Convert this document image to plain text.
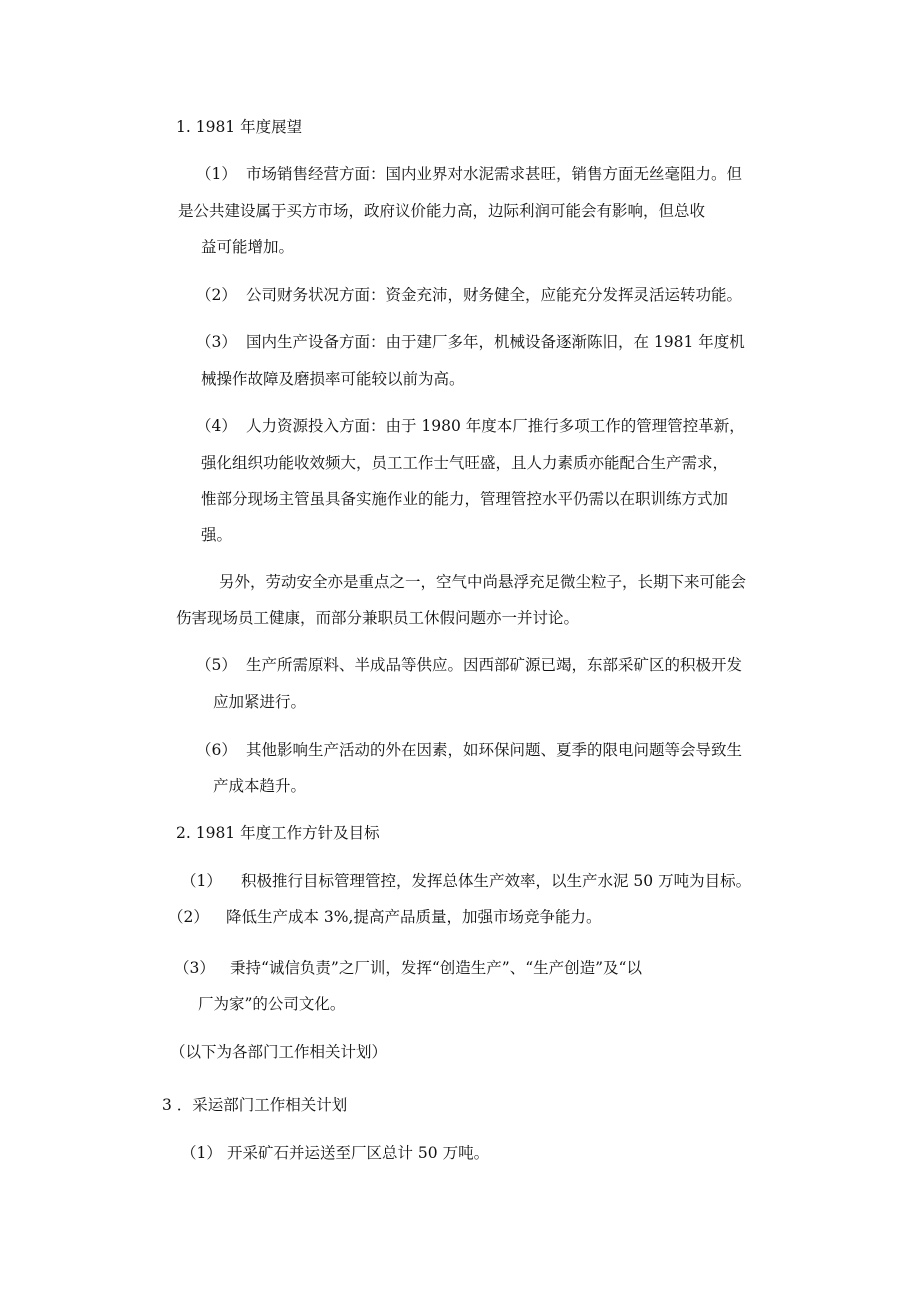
1. 1981 年度展望
（1） 市场销售经营方面：国内业界对水泥需求甚旺，销售方面无丝毫阻力。但
是公共建设属于买方市场，政府议价能力高，边际利润可能会有影响，但总收
益可能增加。
（2） 公司财务状况方面：资金充沛，财务健全，应能充分发挥灵活运转功能。
（3） 国内生产设备方面：由于建厂多年，机械设备逐渐陈旧，在 1981 年度机
械操作故障及磨损率可能较以前为高。
（4） 人力资源投入方面：由于 1980 年度本厂推行多项工作的管理管控革新，
强化组织功能收效频大，员工工作士气旺盛，且人力素质亦能配合生产需求，
惟部分现场主管虽具备实施作业的能力，管理管控水平仍需以在职训练方式加
强。
另外，劳动安全亦是重点之一，空气中尚悬浮充足微尘粒子，长期下来可能会
伤害现场员工健康，而部分兼职员工休假问题亦一并讨论。
（5） 生产所需原料、半成品等供应。因西部矿源已竭，东部采矿区的积极开发
应加紧进行。
（6） 其他影响生产活动的外在因素，如环保问题、夏季的限电问题等会导致生
产成本趋升。
2. 1981 年度工作方针及目标
（1） 积极推行目标管理管控，发挥总体生产效率，以生产水泥 50 万吨为目标。
（2） 降低生产成本 3%,提高产品质量，加强市场竞争能力。
（3） 秉持“诚信负责”之厂训，发挥“创造生产”、“生产创造”及“以
厂为家”的公司文化。
（以下为各部门工作相关计划）
3 ．采运部门工作相关计划
（1） 开采矿石并运送至厂区总计 50 万吨。
